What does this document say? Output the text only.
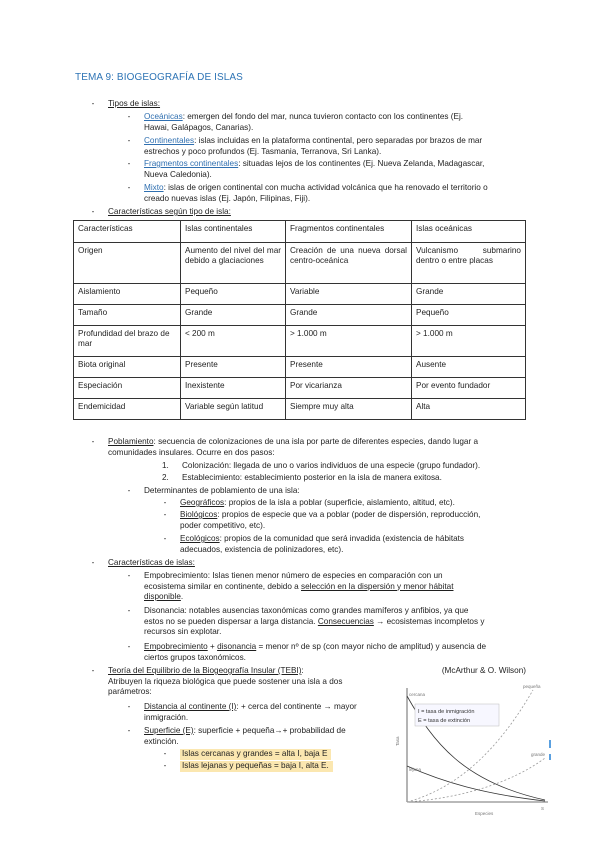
TEMA 9: BIOGEOGRAFÍA DE ISLAS
-	Tipos de islas:
-	Oceánicas: emergen del fondo del mar, nunca tuvieron contacto con los continentes (Ej.
Hawai, Galápagos, Canarias).
-	Continentales: islas incluidas en la plataforma continental, pero separadas por brazos de mar
estrechos y poco profundos (Ej. Tasmania, Terranova, Sri Lanka).
-	Fragmentos continentales: situadas lejos de los continentes (Ej. Nueva Zelanda, Madagascar,
Nueva Caledonia).
-	Mixto: islas de origen continental con mucha actividad volcánica que ha renovado el territorio o
creado nuevas islas (Ej. Japón, Filipinas, Fiji).
-	Características según tipo de isla:
Características	Islas continentales	Fragmentos continentales	Islas oceánicas
Origen	Aumento del nivel del mar debido a glaciaciones	Creación de una nueva dorsal centro-oceánica	Vulcanismo submarino dentro o entre placas
Aislamiento	Pequeño	Variable	Grande
Tamaño	Grande	Grande	Pequeño
Profundidad del brazo de mar	< 200 m	> 1.000 m	> 1.000 m
Biota original	Presente	Presente	Ausente
Especiación	Inexistente	Por vicarianza	Por evento fundador
Endemicidad	Variable según latitud	Siempre muy alta	Alta
-	Poblamiento: secuencia de colonizaciones de una isla por parte de diferentes especies, dando lugar a
comunidades insulares. Ocurre en dos pasos:
1. Colonización: llegada de uno o varios individuos de una especie (grupo fundador).
2. Establecimiento: establecimiento posterior en la isla de manera exitosa.
-	Determinantes de poblamiento de una isla:
-	Geográficos: propios de la isla a poblar (superficie, aislamiento, altitud, etc).
-	Biológicos: propios de especie que va a poblar (poder de dispersión, reproducción,
poder competitivo, etc).
-	Ecológicos: propios de la comunidad que será invadida (existencia de hábitats
adecuados, existencia de polinizadores, etc).
-	Características de islas:
-	Empobrecimiento: Islas tienen menor número de especies en comparación con un
ecosistema similar en continente, debido a selección en la dispersión y menor hábitat
disponible.
-	Disonancia: notables ausencias taxonómicas como grandes mamíferos y anfibios, ya que
estos no se pueden dispersar a larga distancia. Consecuencias → ecosistemas incompletos y
recursos sin explotar.
-	Empobrecimiento + disonancia = menor nº de sp (con mayor nicho de amplitud) y ausencia de
ciertos grupos taxonómicos.
-	Teoría del Equilibrio de la Biogeografía Insular (TEBI):	(McArthur & O. Wilson)

Atribuyen la riqueza biológica que puede sostener una isla a dos
parámetros:
-	Distancia al continente (I): + cerca del continente → mayor
inmigración.
-	Superficie (E): superficie + pequeña→+ probabilidad de
extinción.
-	Islas cercanas y grandes = alta I, baja E
-	Islas lejanas y pequeñas = baja I, alta E.
I = tasa de inmigración
E = tasa de extinción
cercana
lejana
pequeña
grande
Especies
Tasa
S
